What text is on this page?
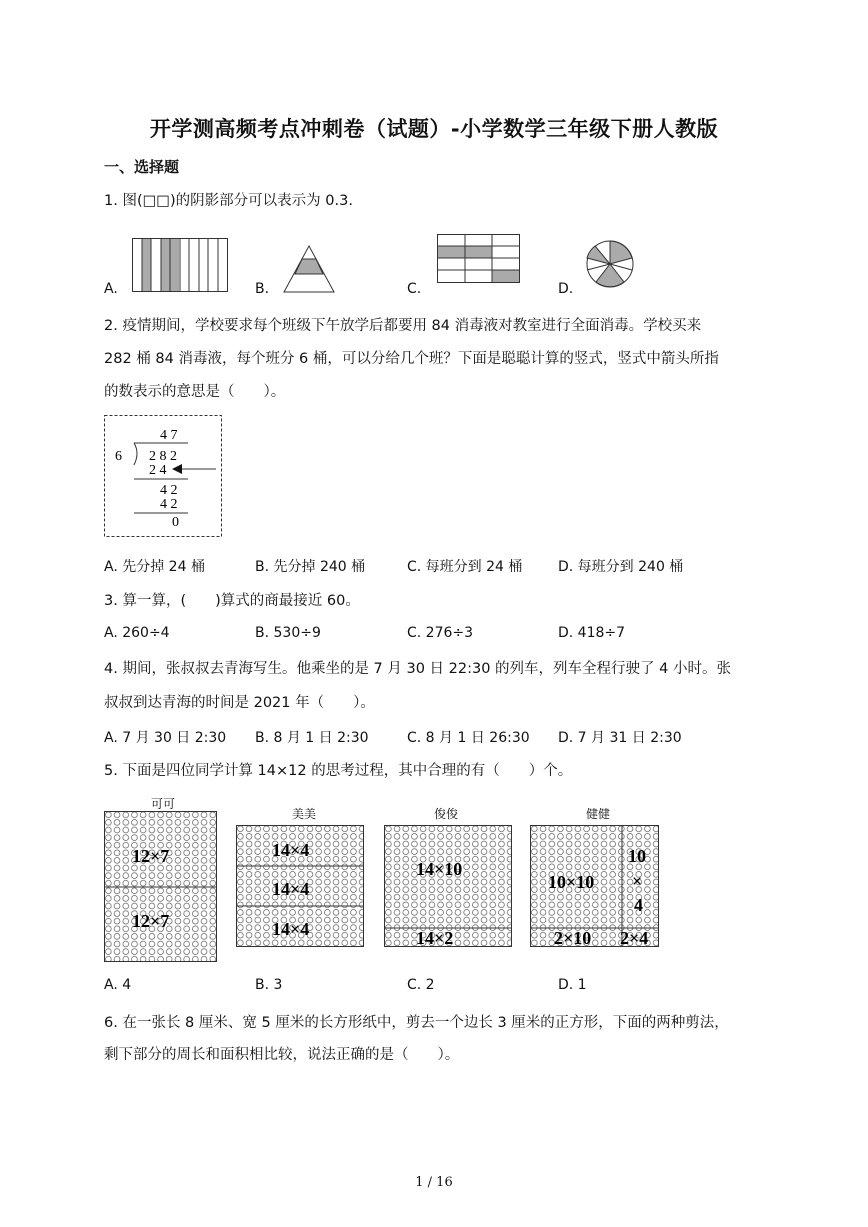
开学测高频考点冲刺卷（试题）-小学数学三年级下册人教版
一、选择题
1. 图(□□)的阴影部分可以表示为 0.3.
A.	B.	C.	D.
2. 疫情期间，学校要求每个班级下午放学后都要用 84 消毒液对教室进行全面消毒。学校买来
282 桶 84 消毒液，每个班分 6 桶，可以分给几个班？下面是聪聪计算的竖式，竖式中箭头所指
的数表示的意思是（　　）。
4 7
6 2 8 2
2 4
4 2
4 2
0
A. 先分掉 24 桶	B. 先分掉 240 桶	C. 每班分到 24 桶	D. 每班分到 240 桶
3. 算一算，(　　)算式的商最接近 60。
A. 260÷4	B. 530÷9	C. 276÷3	D. 418÷7
4. 期间，张叔叔去青海写生。他乘坐的是 7 月 30 日 22:30 的列车，列车全程行驶了 4 小时。张
叔叔到达青海的时间是 2021 年（　　）。
A. 7 月 30 日 2:30 B. 8 月 1 日 2:30	C. 8 月 1 日 26:30 D. 7 月 31 日 2:30
5. 下面是四位同学计算 14×12 的思考过程，其中合理的有（　　）个。
可可
12×7
12×7
美美
14×4
14×4
14×4
俊俊
14×10
14×2
健健
10×10
10
×
4
2×10 2×4
A. 4	B. 3	C. 2	D. 1
6. 在一张长 8 厘米、宽 5 厘米的长方形纸中，剪去一个边长 3 厘米的正方形，下面的两种剪法，
剩下部分的周长和面积相比较，说法正确的是（　　）。
1 / 16
